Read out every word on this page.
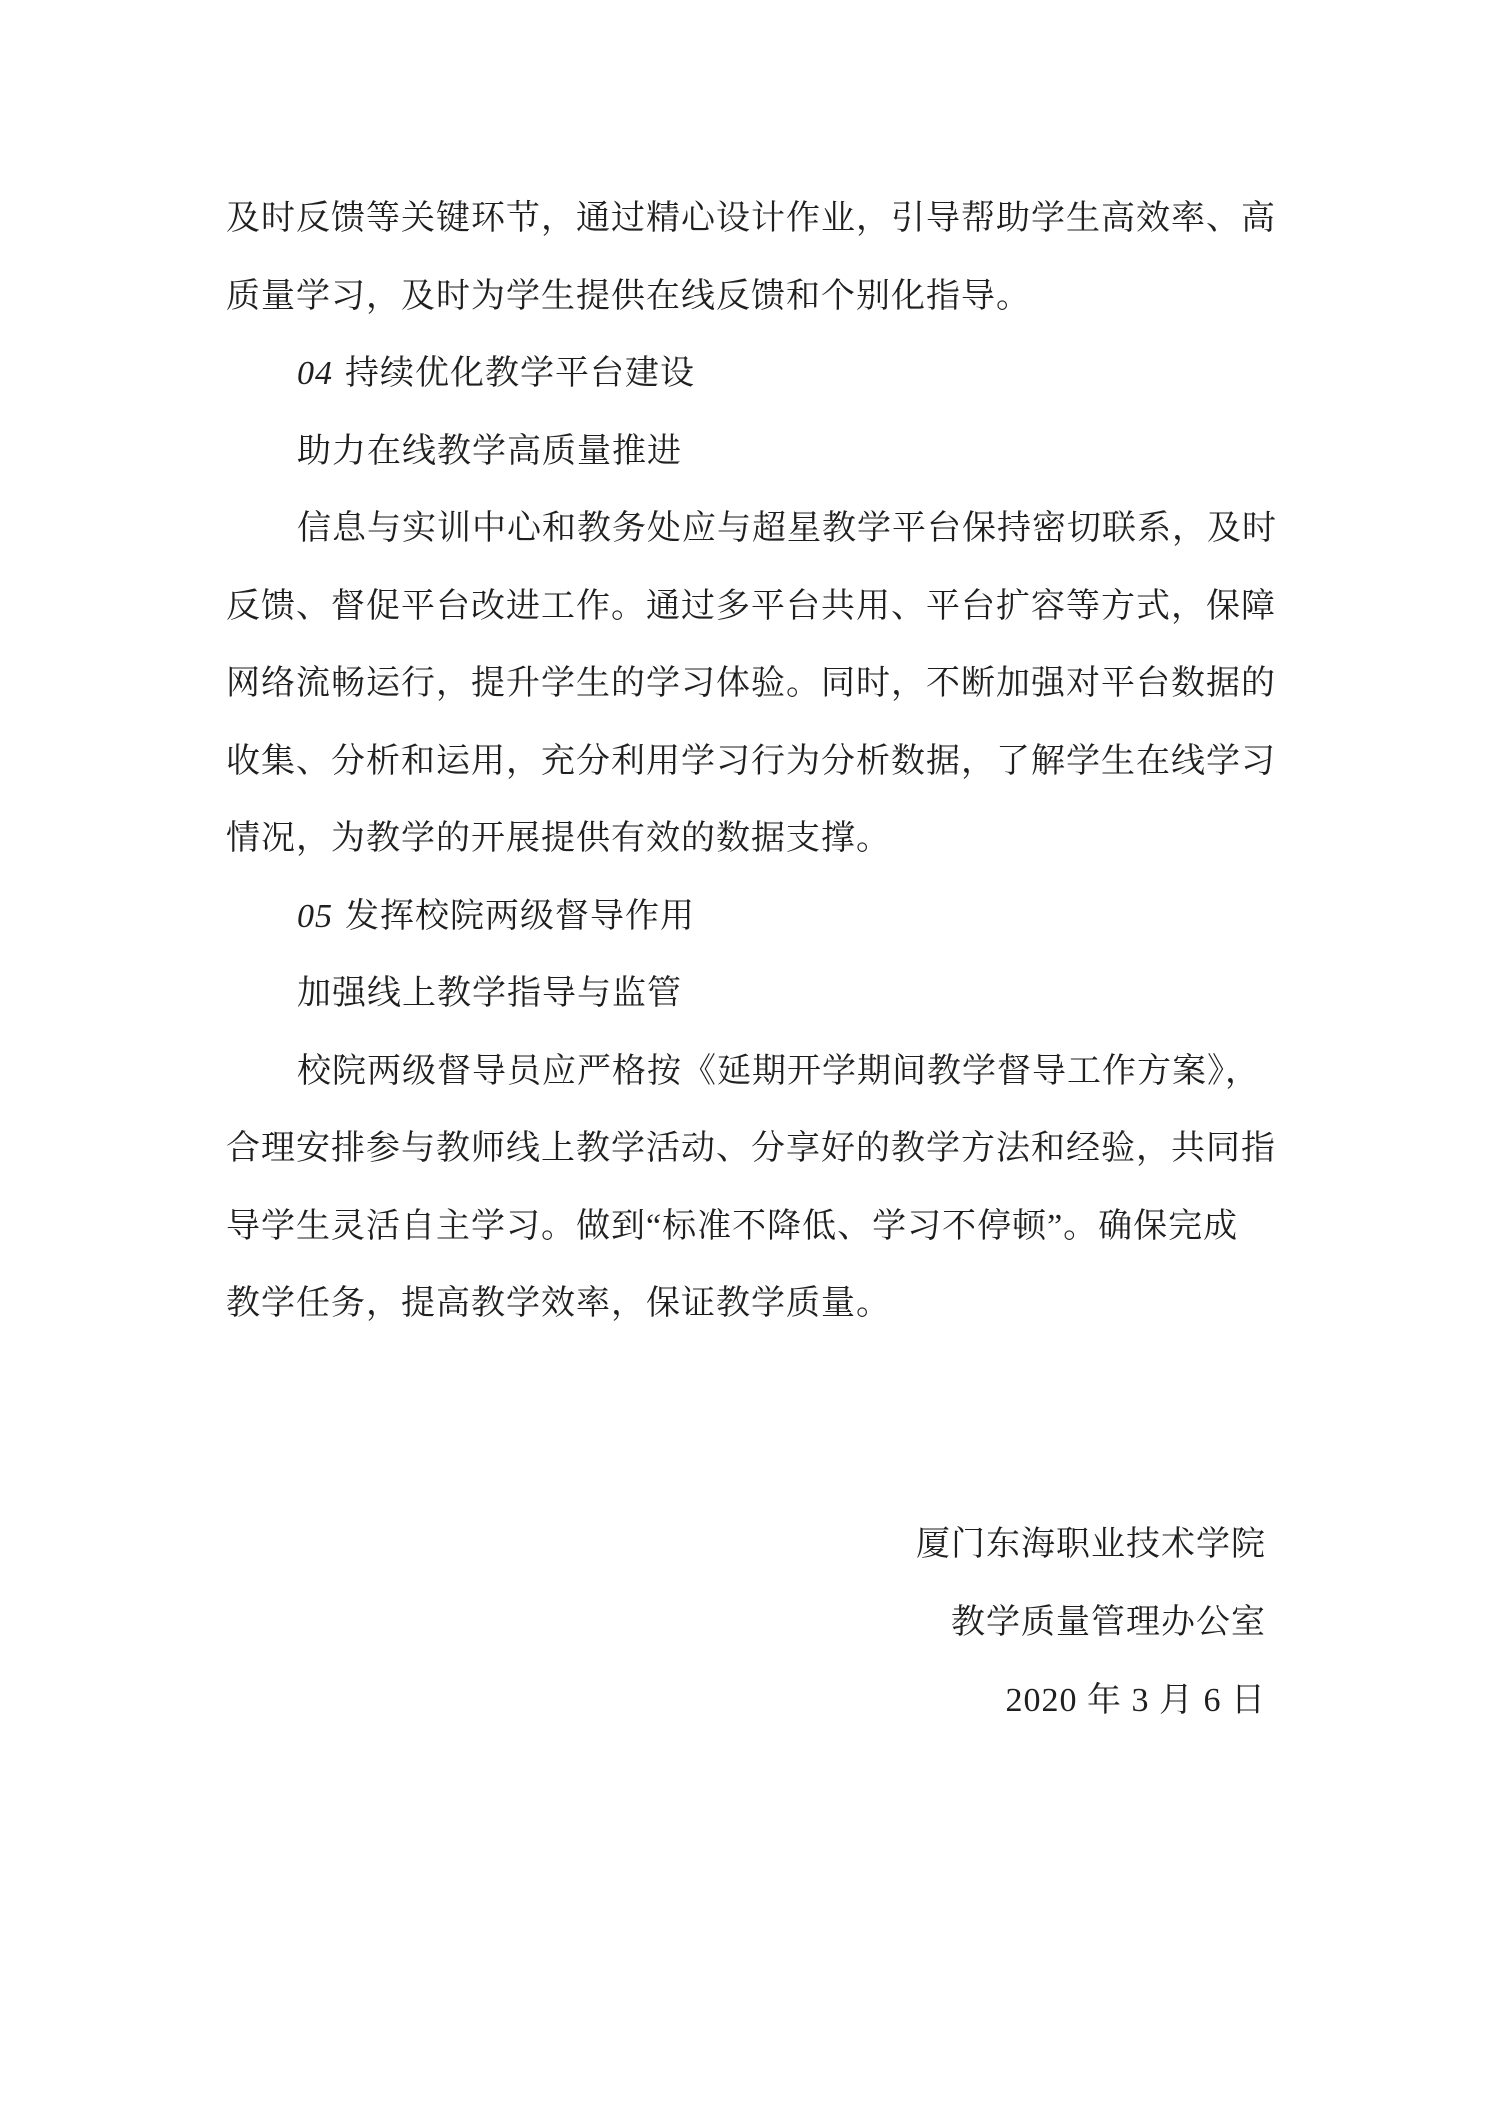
及时反馈等关键环节，通过精心设计作业，引导帮助学生高效率、高
质量学习，及时为学生提供在线反馈和个别化指导。
04 持续优化教学平台建设
助力在线教学高质量推进
信息与实训中心和教务处应与超星教学平台保持密切联系，及时
反馈、督促平台改进工作。通过多平台共用、平台扩容等方式，保障
网络流畅运行，提升学生的学习体验。同时，不断加强对平台数据的
收集、分析和运用，充分利用学习行为分析数据，了解学生在线学习
情况，为教学的开展提供有效的数据支撑。
05 发挥校院两级督导作用
加强线上教学指导与监管
校院两级督导员应严格按《延期开学期间教学督导工作方案》，
合理安排参与教师线上教学活动、分享好的教学方法和经验，共同指
导学生灵活自主学习。做到“标准不降低、学习不停顿”。确保完成
教学任务，提高教学效率，保证教学质量。
厦门东海职业技术学院
教学质量管理办公室
2020 年 3 月 6 日
